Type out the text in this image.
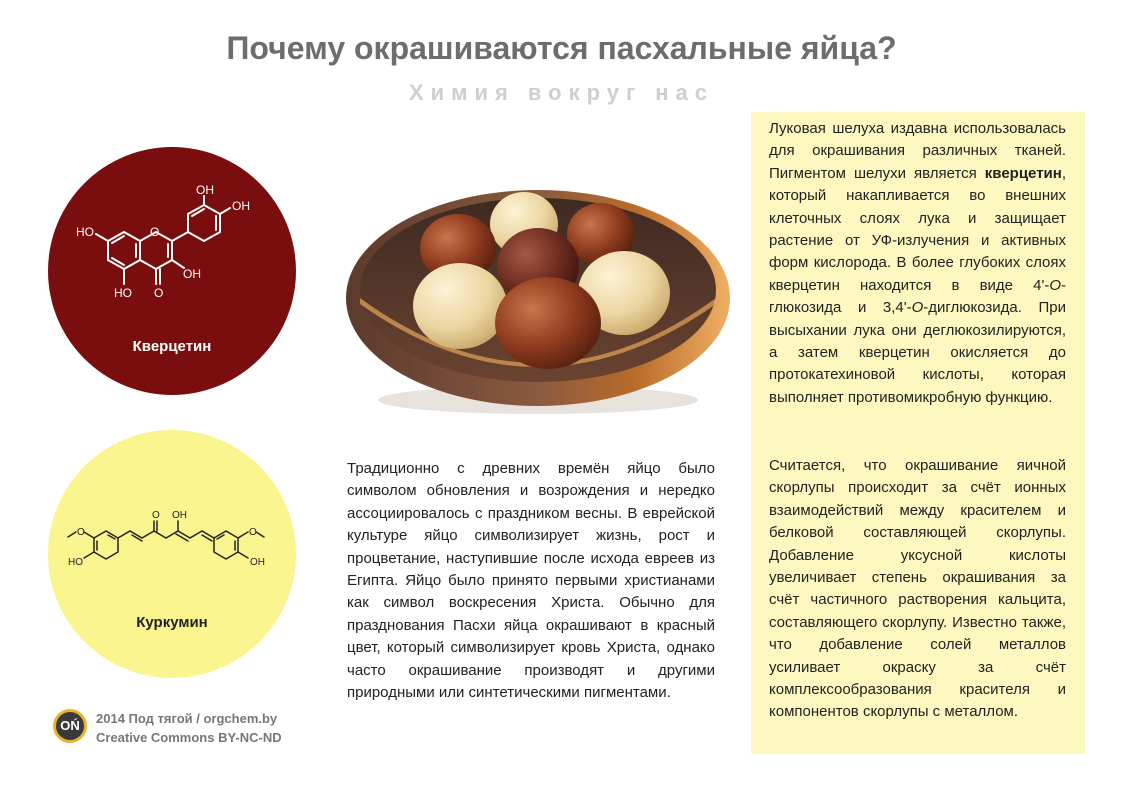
Почему окрашиваются пасхальные яйца?
Химия вокруг нас
O
OH
OH
HO
OH
HO O
Кверцетин
O OH
O	O
HO	OH
Куркумин
Традиционно с древних времён яйцо было символом обновления и возрождения и нередко ассоциировалось с праздником весны. В еврейской культуре яйцо символизирует жизнь, рост и процветание, наступившие после исхода евреев из Египта. Яйцо было принято первыми христианами как символ воскресения Христа. Обычно для празднования Пасхи яйца окрашивают в красный цвет, который символизирует кровь Христа, однако часто окрашивание производят и другими природными или синтетическими пигментами.
Луковая шелуха издавна использовалась для окрашивания различных тканей. Пигментом шелухи является кверцетин, который накапливается во внешних клеточных слоях лука и защищает растение от УФ-излучения и активных форм кислорода. В более глубоких слоях кверцетин находится в виде 4'-O-глюкозида и 3,4'-O-диглюкозида. При высыхании лука они деглюкозилируются, а затем кверцетин окисляется до протокатехиновой кислоты, которая выполняет противомикробную функцию.
Считается, что окрашивание яичной скорлупы происходит за счёт ионных взаимодействий между красителем и белковой составляющей скорлупы. Добавление уксусной кислоты увеличивает степень окрашивания за счёт частичного растворения кальцита, составляющего скорлупу. Известно также, что добавление солей металлов усиливает окраску за счёт комплексообразования красителя и компонентов скорлупы с металлом.
OŃ	2014 Под тягой / orgchem.by
Creative Commons BY-NC-ND
